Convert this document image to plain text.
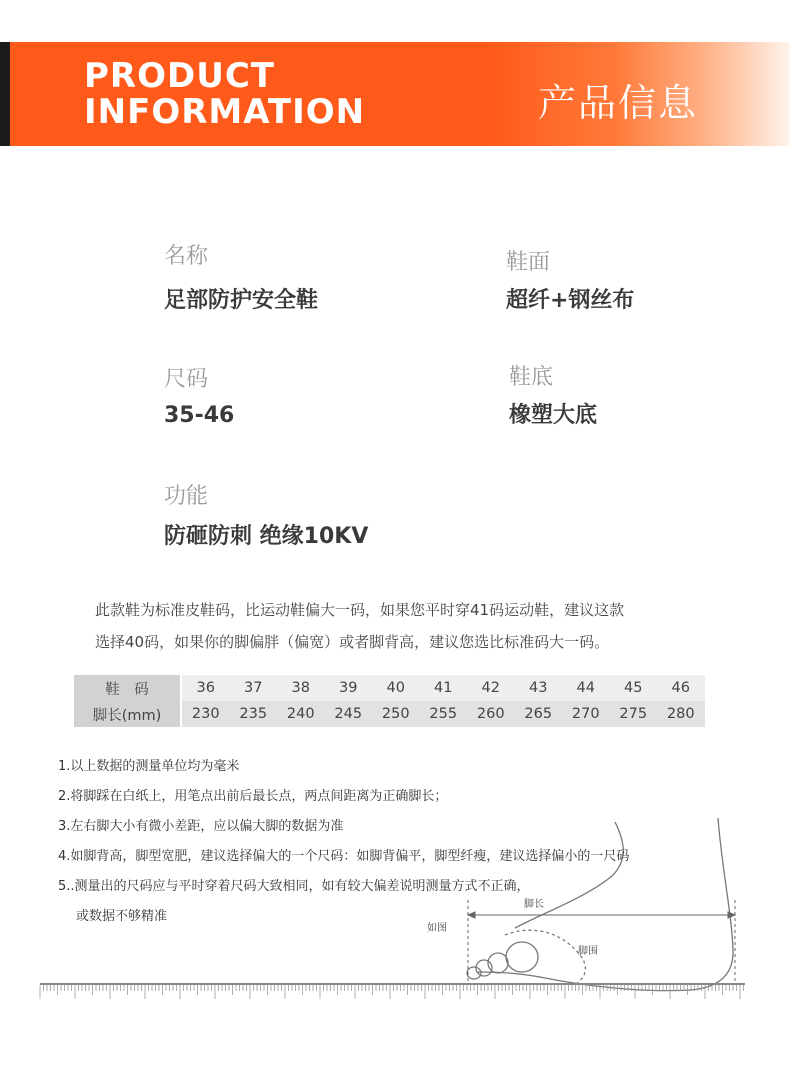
PRODUCT
INFORMATION	产品信息
名称
足部防护安全鞋
鞋面
超纤+钢丝布
尺码
35-46
鞋底
橡塑大底
功能
防砸防刺 绝缘10KV
此款鞋为标准皮鞋码，比运动鞋偏大一码，如果您平时穿41码运动鞋，建议这款
选择40码，如果你的脚偏胖（偏宽）或者脚背高，建议您选比标准码大一码。
鞋　码		36	37	38	39	40	41	42	43	44	45	46
脚长(mm)		230	235	240	245	250	255	260	265	270	275	280
脚长
脚围
如图
1.以上数据的测量单位均为毫米
2.将脚踩在白纸上，用笔点出前后最长点，两点间距离为正确脚长；
3.左右脚大小有微小差距，应以偏大脚的数据为准
4.如脚背高，脚型宽肥，建议选择偏大的一个尺码：如脚背偏平，脚型纤瘦，建议选择偏小的一尺码
5..测量出的尺码应与平时穿着尺码大致相同，如有较大偏差说明测量方式不正确，
或数据不够精准
